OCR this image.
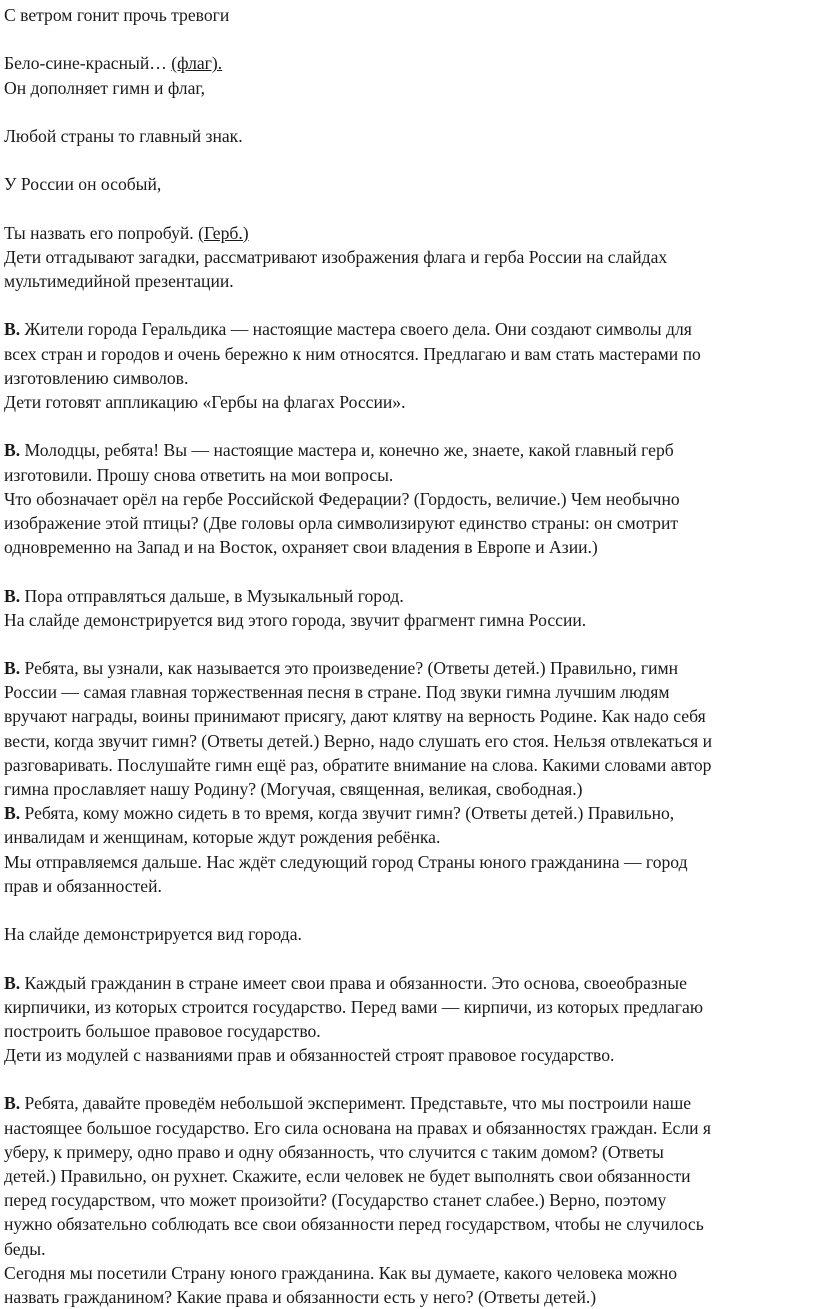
С ветром гонит прочь тревоги
Бело-сине-красный… (флаг).
Он дополняет гимн и флаг,
Любой страны то главный знак.
У России он особый,
Ты назвать его попробуй. (Герб.)
Дети отгадывают загадки, рассматривают изображения флага и герба России на слайдах
мультимедийной презентации.
В. Жители города Геральдика — настоящие мастера своего дела. Они создают символы для
всех стран и городов и очень бережно к ним относятся. Предлагаю и вам стать мастерами по
изготовлению символов.
Дети готовят аппликацию «Гербы на флагах России».
В. Молодцы, ребята! Вы — настоящие мастера и, конечно же, знаете, какой главный герб
изготовили. Прошу снова ответить на мои вопросы.
Что обозначает орёл на гербе Российской Федерации? (Гордость, величие.) Чем необычно
изображение этой птицы? (Две головы орла символизируют единство страны: он смотрит
одновременно на Запад и на Восток, охраняет свои владения в Европе и Азии.)
В. Пора отправляться дальше, в Музыкальный город.
На слайде демонстрируется вид этого города, звучит фрагмент гимна России.
В. Ребята, вы узнали, как называется это произведение? (Ответы детей.) Правильно, гимн
России — самая главная торжественная песня в стране. Под звуки гимна лучшим людям
вручают награды, воины принимают присягу, дают клятву на верность Родине. Как надо себя
вести, когда звучит гимн? (Ответы детей.) Верно, надо слушать его стоя. Нельзя отвлекаться и
разговаривать. Послушайте гимн ещё раз, обратите внимание на слова. Какими словами автор
гимна прославляет нашу Родину? (Могучая, священная, великая, свободная.)
В. Ребята, кому можно сидеть в то время, когда звучит гимн? (Ответы детей.) Правильно,
инвалидам и женщинам, которые ждут рождения ребёнка.
Мы отправляемся дальше. Нас ждёт следующий город Страны юного гражданина — город
прав и обязанностей.
На слайде демонстрируется вид города.
В. Каждый гражданин в стране имеет свои права и обязанности. Это основа, своеобразные
кирпичики, из которых строится государство. Перед вами — кирпичи, из которых предлагаю
построить большое правовое государство.
Дети из модулей с названиями прав и обязанностей строят правовое государство.
В. Ребята, давайте проведём небольшой эксперимент. Представьте, что мы построили наше
настоящее большое государство. Его сила основана на правах и обязанностях граждан. Если я
уберу, к примеру, одно право и одну обязанность, что случится с таким домом? (Ответы
детей.) Правильно, он рухнет. Скажите, если человек не будет выполнять свои обязанности
перед государством, что может произойти? (Государство станет слабее.) Верно, поэтому
нужно обязательно соблюдать все свои обязанности перед государством, чтобы не случилось
беды.
Сегодня мы посетили Страну юного гражданина. Как вы думаете, какого человека можно
назвать гражданином? Какие права и обязанности есть у него? (Ответы детей.)
